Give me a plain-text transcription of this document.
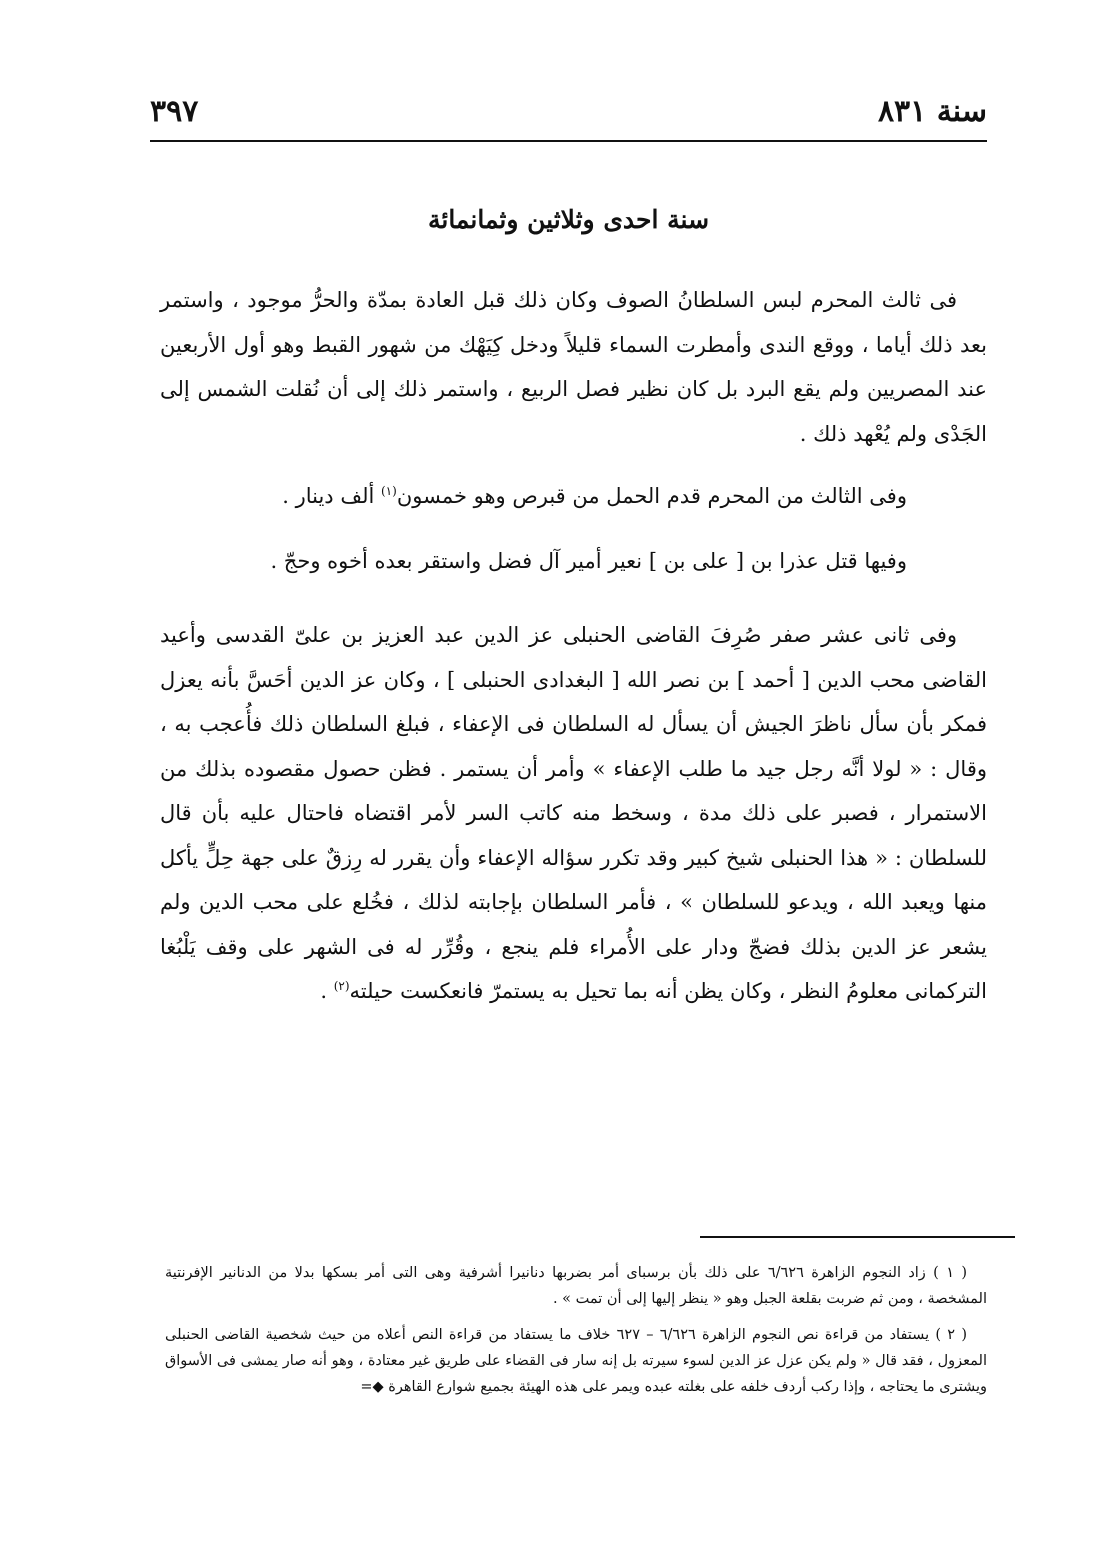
سنة ٨٣١
٣٩٧
سنة احدى وثلاثين وثمانمائة

فى ثالث المحرم لبس السلطانُ الصوف وكان ذلك قبل العادة بمدّة والحرُّ موجود ، واستمر بعد ذلك أياما ، ووقع الندى وأمطرت السماء قليلاً ودخل كِيَهْك من شهور القبط وهو أول الأربعين عند المصريين ولم يقع البرد بل كان نظير فصل الربيع ، واستمر ذلك إلى أن نُقلت الشمس إلى الجَدْى ولم يُعْهد ذلك .

وفى الثالث من المحرم قدم الحمل من قبرص وهو خمسون$^{(١)}$ ألف دينار .

وفيها قتل عذرا بن [ على بن ] نعير أمير آل فضل واستقر بعده أخوه وحجّ .

وفى ثانى عشر صفر صُرِفَ القاضى الحنبلى عز الدين عبد العزيز بن علىّ القدسى وأعيد القاضى محب الدين [ أحمد ] بن نصر الله [ البغدادى الحنبلى ] ، وكان عز الدين أحَسَّ بأنه يعزل فمكر بأن سأل ناظرَ الجيش أن يسأل له السلطان فى الإعفاء ، فبلغ السلطان ذلك فأُعجب به ، وقال : « لولا أنَّه رجل جيد ما طلب الإعفاء » وأمر أن يستمر . فظن حصول مقصوده بذلك من الاستمرار ، فصبر على ذلك مدة ، وسخط منه كاتب السر لأمر اقتضاه فاحتال عليه بأن قال للسلطان : « هذا الحنبلى شيخ كبير وقد تكرر سؤاله الإعفاء وأن يقرر له رِزقٌ على جهة حِلٍّ يأكل منها ويعبد الله ، ويدعو للسلطان » ، فأمر السلطان بإجابته لذلك ، فخُلع على محب الدين ولم يشعر عز الدين بذلك فضجّ ودار على الأُمراء فلم ينجع ، وقُرِّر له فى الشهر على وقف يَلْبُغا التركمانى معلومُ النظر ، وكان يظن أنه بما تحيل به يستمرّ فانعكست حيلته$^{(٢)}$ .

( ١ ) زاد النجوم الزاهرة ٦/٦٢٦ على ذلك بأن برسباى أمر بضربها دنانيرا أشرفية وهى التى أمر بسكها بدلا من الدنانير الإفرنتية المشخصة ، ومن ثم ضربت بقلعة الجبل وهو « ينظر إليها إلى أن تمت » .

( ٢ ) يستفاد من قراءة نص النجوم الزاهرة ٦/٦٢٦ – ٦٢٧ خلاف ما يستفاد من قراءة النص أعلاه من حيث شخصية القاضى الحنبلى المعزول ، فقد قال « ولم يكن عزل عز الدين لسوء سيرته بل إنه سار فى القضاء على طريق غير معتادة ، وهو أنه صار يمشى فى الأسواق ويشترى ما يحتاجه ، وإذا ركب أردف خلفه على بغلته عبده ويمر على هذه الهيئة بجميع شوارع القاهرة ◆=
